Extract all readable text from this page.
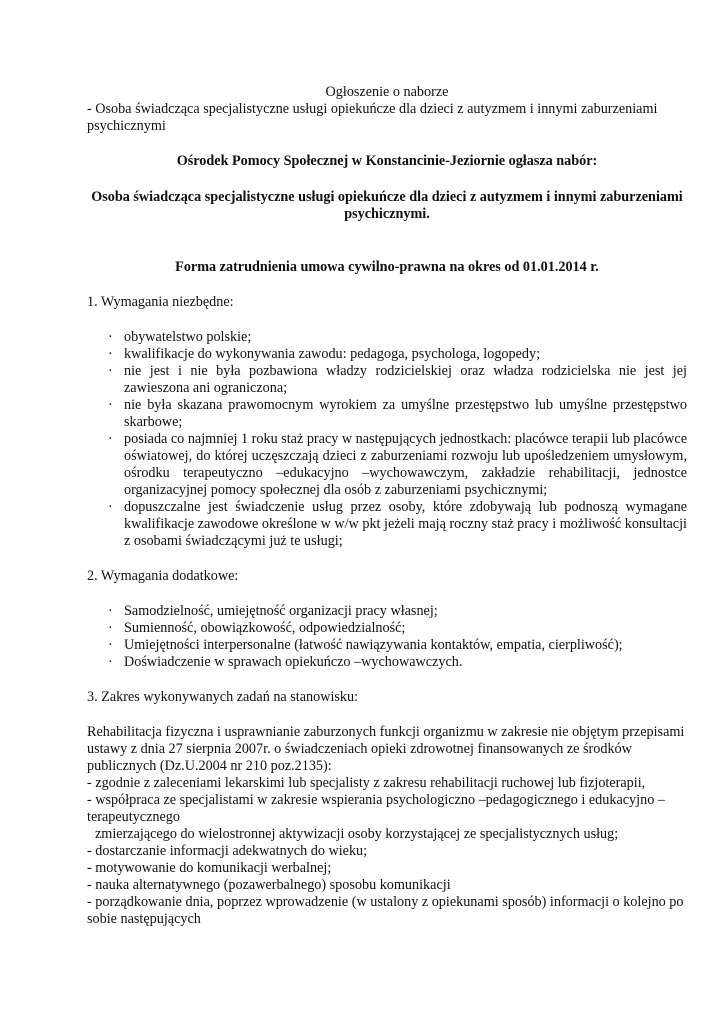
Ogłoszenie o naborze

- Osoba świadcząca specjalistyczne usługi opiekuńcze dla dzieci z autyzmem i innymi zaburzeniami psychicznymi

Ośrodek Pomocy Społecznej w Konstancinie-Jeziornie ogłasza nabór:

Osoba świadcząca specjalistyczne usługi opiekuńcze dla dzieci z autyzmem i innymi zaburzeniami psychicznymi.

Forma zatrudnienia umowa cywilno-prawna na okres od 01.01.2014 r.

1. Wymagania niezbędne:

· obywatelstwo polskie;
· kwalifikacje do wykonywania zawodu: pedagoga, psychologa, logopedy;
· nie jest i nie była pozbawiona władzy rodzicielskiej oraz władza rodzicielska nie jest jej zawieszona ani ograniczona;
· nie była skazana prawomocnym wyrokiem za umyślne przestępstwo lub umyślne przestępstwo skarbowe;
· posiada co najmniej 1 roku staż pracy w następujących jednostkach: placówce terapii lub placówce oświatowej, do której uczęszczają dzieci z zaburzeniami rozwoju lub upośledzeniem umysłowym, ośrodku terapeutyczno –edukacyjno –wychowawczym, zakładzie rehabilitacji, jednostce organizacyjnej pomocy społecznej dla osób z zaburzeniami psychicznymi;
· dopuszczalne jest świadczenie usług przez osoby, które zdobywają lub podnoszą wymagane kwalifikacje zawodowe określone w w/w pkt jeżeli mają roczny staż pracy i możliwość konsultacji z osobami świadczącymi już te usługi;

2. Wymagania dodatkowe:

· Samodzielność, umiejętność organizacji pracy własnej;
· Sumienność, obowiązkowość, odpowiedzialność;
· Umiejętności interpersonalne (łatwość nawiązywania kontaktów, empatia, cierpliwość);
· Doświadczenie w sprawach opiekuńczo –wychowawczych.

3. Zakres wykonywanych zadań na stanowisku:

Rehabilitacja fizyczna i usprawnianie zaburzonych funkcji organizmu w zakresie nie objętym przepisami ustawy z dnia 27 sierpnia 2007r. o świadczeniach opieki zdrowotnej finansowanych ze środków publicznych (Dz.U.2004 nr 210 poz.2135):

- zgodnie z zaleceniami lekarskimi lub specjalisty z zakresu rehabilitacji ruchowej lub fizjoterapii,

- współpraca ze specjalistami w zakresie wspierania psychologiczno –pedagogicznego i edukacyjno –terapeutycznego

zmierzającego do wielostronnej aktywizacji osoby korzystającej ze specjalistycznych usług;

- dostarczanie informacji adekwatnych do wieku;

- motywowanie do komunikacji werbalnej;

- nauka alternatywnego (pozawerbalnego) sposobu komunikacji

- porządkowanie dnia, poprzez wprowadzenie (w ustalony z opiekunami sposób) informacji o kolejno po sobie następujących
